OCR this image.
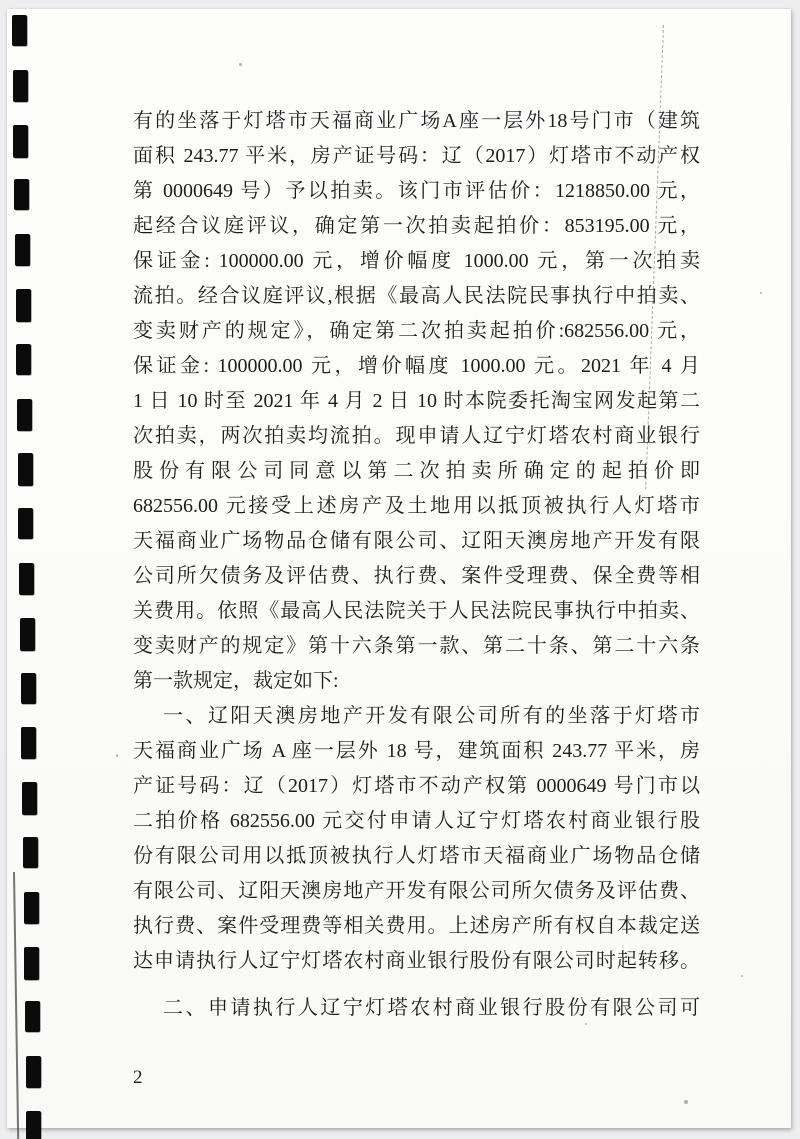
有的坐落于灯塔市天福商业广场A座一层外18号门市（建筑
面积 243.77 平米，房产证号码：辽（2017）灯塔市不动产权
第 0000649 号）予以拍卖。该门市评估价：1218850.00 元，
起经合议庭评议，确定第一次拍卖起拍价：853195.00 元，
保证金: 100000.00 元，增价幅度 1000.00 元，第一次拍卖
流拍。经合议庭评议,根据《最高人民法院民事执行中拍卖、
变卖财产的规定》，确定第二次拍卖起拍价:682556.00 元，
保证金: 100000.00 元，增价幅度 1000.00 元。2021 年 4 月
1 日 10 时至 2021 年 4 月 2 日 10 时本院委托淘宝网发起第二
次拍卖，两次拍卖均流拍。现申请人辽宁灯塔农村商业银行
股份有限公司同意以第二次拍卖所确定的起拍价即
682556.00 元接受上述房产及土地用以抵顶被执行人灯塔市
天福商业广场物品仓储有限公司、辽阳天澳房地产开发有限
公司所欠债务及评估费、执行费、案件受理费、保全费等相
关费用。依照《最高人民法院关于人民法院民事执行中拍卖、
变卖财产的规定》第十六条第一款、第二十条、第二十六条
第一款规定，裁定如下:
一、辽阳天澳房地产开发有限公司所有的坐落于灯塔市
天福商业广场 A 座一层外 18 号，建筑面积 243.77 平米，房
产证号码：辽（2017）灯塔市不动产权第 0000649 号门市以
二拍价格 682556.00 元交付申请人辽宁灯塔农村商业银行股
份有限公司用以抵顶被执行人灯塔市天福商业广场物品仓储
有限公司、辽阳天澳房地产开发有限公司所欠债务及评估费、
执行费、案件受理费等相关费用。上述房产所有权自本裁定送
达申请执行人辽宁灯塔农村商业银行股份有限公司时起转移。
二、申请执行人辽宁灯塔农村商业银行股份有限公司可
2
